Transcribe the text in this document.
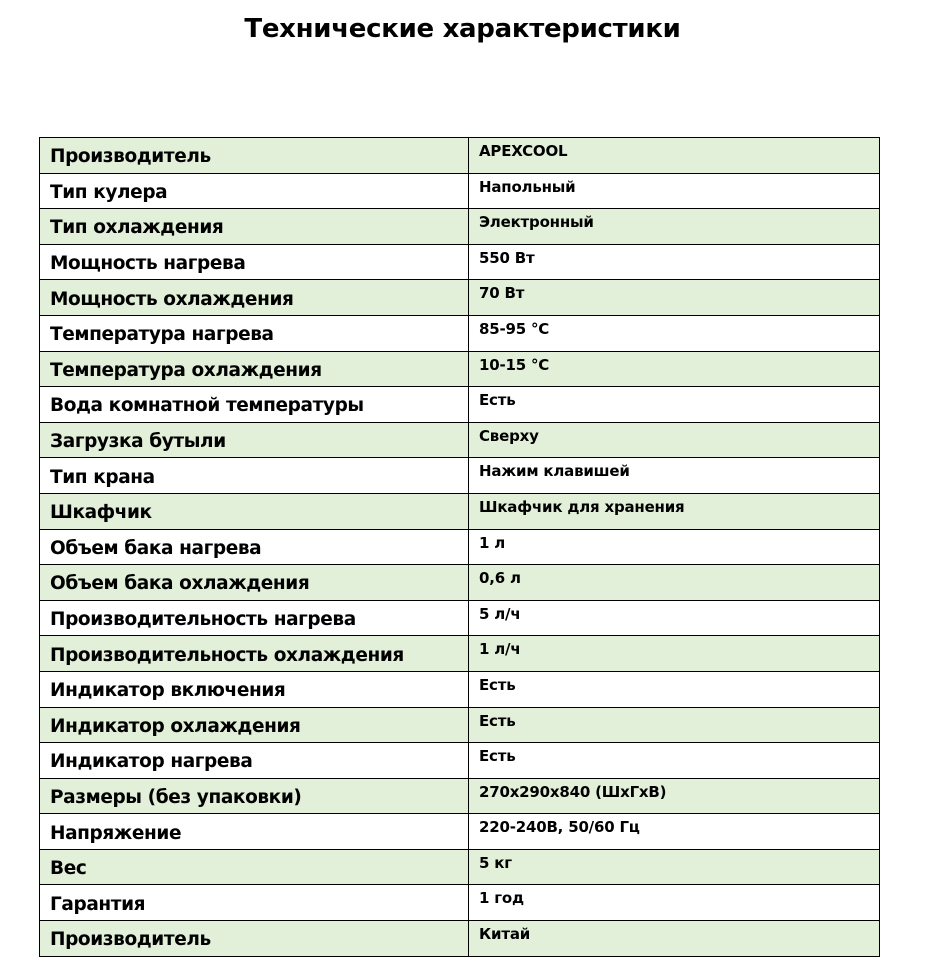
Технические характеристики
Производитель	APEXCOOL
Тип кулера	Напольный
Тип охлаждения	Электронный
Мощность нагрева	550 Вт
Мощность охлаждения	70 Вт
Температура нагрева	85-95 °С
Температура охлаждения	10-15 °С
Вода комнатной температуры	Есть
Загрузка бутыли	Сверху
Тип крана	Нажим клавишей
Шкафчик	Шкафчик для хранения
Объем бака нагрева	1 л
Объем бака охлаждения	0,6 л
Производительность нагрева	5 л/ч
Производительность охлаждения	1 л/ч
Индикатор включения	Есть
Индикатор охлаждения	Есть
Индикатор нагрева	Есть
Размеры (без упаковки)	270x290x840 (ШхГхВ)
Напряжение	220-240В, 50/60 Гц
Вес	5 кг
Гарантия	1 год
Производитель	Китай
